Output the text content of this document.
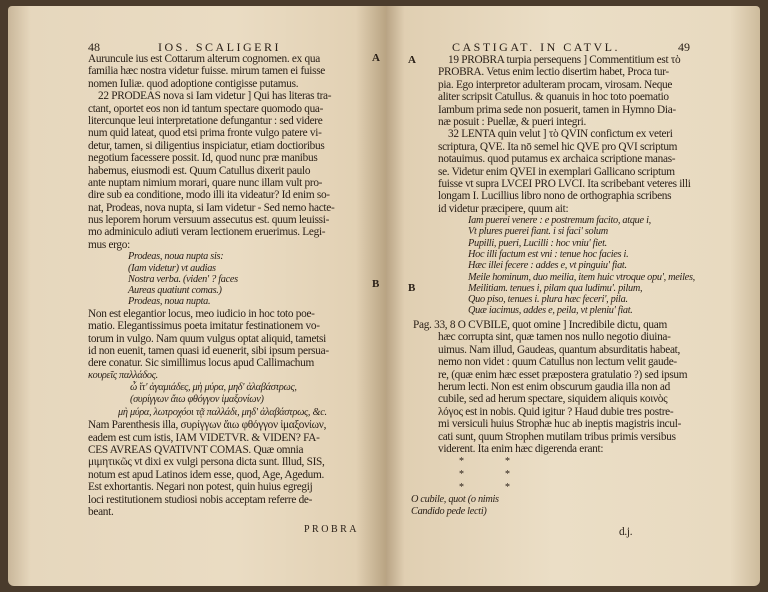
48	IOS. SCALIGERI
A
B
Auruncule ius est Cottarum alterum cognomen. ex qua
familia hæc nostra videtur fuisse. mirum tamen ei fuisse
nomen Iuliæ. quod adoptione contigisse putamus.
22 PRODEAS nova si Iam videtur ] Qui has literas tra-
ctant, oportet eos non id tantum spectare quomodo qua-
litercunque leui interpretatione defungantur : sed videre
num quid lateat, quod etsi prima fronte vulgo patere vi-
detur, tamen, si diligentius inspiciatur, etiam doctioribus
negotium facessere possit. Id, quod nunc præ manibus
habemus, eiusmodi est. Quum Catullus dixerit paulo
ante nuptam nimium morari, quare nunc illam vult pro-
dire sub ea conditione, modo illi ita videatur? Id enim so-
nat, Prodeas, nova nupta, si Iam videtur - Sed nemo hacte-
nus leporem horum versuum assecutus est. quum leuissi-
mo adminiculo adiuti veram lectionem eruerimus. Legi-
mus ergo:
Prodeas, noua nupta sis:
(Iam videtur) vt audias
Nostra verba. (viden' ? faces
Aureas quatiunt comas.)
Prodeas, noua nupta.
Non est elegantior locus, meo iudicio in hoc toto poe-
matio. Elegantissimus poeta imitatur festinationem vo-
torum in vulgo. Nam quum vulgus optat aliquid, tametsi
id non euenit, tamen quasi id euenerit, sibi ipsum persua-
dere conatur. Sic simillimus locus apud Callimachum
κουρεῖς παλλάδος.
ὦ ἴτ' ἀγαμιάδες, μὴ μύρα, μηδ' ἀλαβάστρως,
(συρίγγων ἄιω φθόγγον ἱμαξονίων)
μὴ μύρα, λωτροχόοι τᾷ παλλάδι, μηδ' ἀλαβάστρως, &c.
Nam Parenthesis illa, συρίγγων ἄιω φθόγγον ἱμαξονίων,
eadem est cum istis, IAM VIDETVR. & VIDEN? FA-
CES AVREAS QVATIVNT COMAS. Quæ omnia
μιμητικῶς vt dixi ex vulgi persona dicta sunt. Illud, SIS,
notum est apud Latinos idem esse, quod, Age, Agedum.
Est exhortantis. Negari non potest, quin huius egregij
loci restitutionem studiosi nobis acceptam referre de-
beant.
PROBRA
CASTIGAT. IN CATVL.	49
A
B
19 PROBRA turpia persequens ] Commentitium est τὸ
PROBRA. Vetus enim lectio disertim habet, Proca tur-
pia. Ego interpretor adulteram procam, virosam. Neque
aliter scripsit Catullus. & quanuis in hoc toto poematio
Iambum prima sede non posuerit, tamen in Hymno Dia-
næ posuit : Puellæ, & pueri integri.
32 LENTA quin velut ] τὸ QVIN confictum ex veteri
scriptura, QVE. Ita nō semel hic QVE pro QVI scriptum
notauimus. quod putamus ex archaica scriptione manas-
se. Videtur enim QVEI in exemplari Gallicano scriptum
fuisse vt supra LVCEI PRO LVCI. Ita scribebant veteres illi
longam I. Lucillius libro nono de orthographia scribens
id videtur præcipere, quum ait:
Iam puerei venere : e postremum facito, atque i,
Vt plures puerei fiant. i si faci' solum
Pupilli, pueri, Lucilli : hoc vniu' fiet.
Hoc illi factum est vni : tenue hoc facies i.
Hæc illei fecere : addes e, vt pinguiu' fiat.
Meile hominum, duo meilia, item huic vtroque opu', meiles,
Meilitiam. tenues i, pilam qua ludimu'. pilum,
Quo piso, tenues i. plura hæc feceri', pila.
Quæ iacimus, addes e, peila, vt pleniu' fiat.
Pag. 33, 8 O CVBILE, quot omine ] Incredibile dictu, quam
hæc corrupta sint, quæ tamen nos nullo negotio diuina-
uimus. Nam illud, Gaudeas, quantum absurditatis habeat,
nemo non videt : quum Catullus non lectum velit gaude-
re, (quæ enim hæc esset præpostera gratulatio ?) sed ipsum
herum lecti. Non est enim obscurum gaudia illa non ad
cubile, sed ad herum spectare, siquidem aliquis κοινὸς
λόγος est in nobis. Quid igitur ? Haud dubie tres postre-
mi versiculi huius Strophæ huc ab ineptis magistris incul-
cati sunt, quum Strophen mutilam tribus primis versibus
viderent. Ita enim hæc digerenda erant:
*	*
*	*
*	*
O cubile, quot (o nimis
Candido pede lecti)
d.j.
